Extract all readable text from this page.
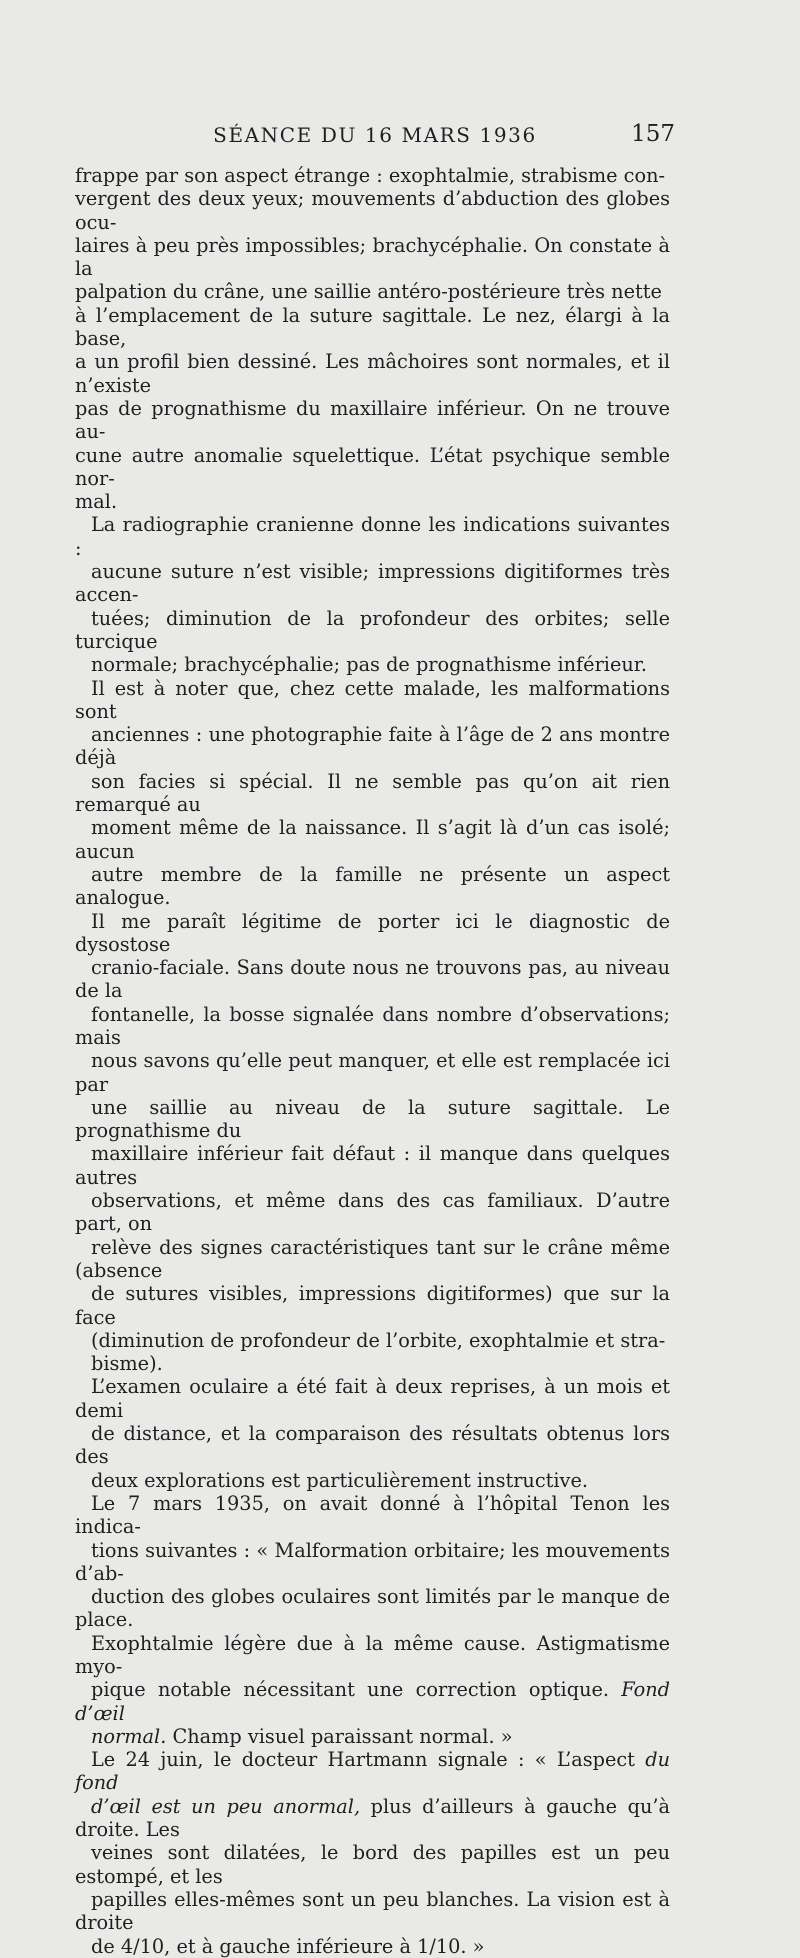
SÉANCE DU 16 MARS 1936	157

frappe par son aspect étrange : exophtalmie, strabisme con-
vergent des deux yeux; mouvements d’abduction des globes ocu-
laires à peu près impossibles; brachycéphalie. On constate à la
palpation du crâne, une saillie antéro-postérieure très nette
à l’emplacement de la suture sagittale. Le nez, élargi à la base,
a un profil bien dessiné. Les mâchoires sont normales, et il n’existe
pas de prognathisme du maxillaire inférieur. On ne trouve au-
cune autre anomalie squelettique. L’état psychique semble nor-
mal.

La radiographie cranienne donne les indications suivantes :
aucune suture n’est visible; impressions digitiformes très accen-
tuées; diminution de la profondeur des orbites; selle turcique
normale; brachycéphalie; pas de prognathisme inférieur.

Il est à noter que, chez cette malade, les malformations sont
anciennes : une photographie faite à l’âge de 2 ans montre déjà
son facies si spécial. Il ne semble pas qu’on ait rien remarqué au
moment même de la naissance. Il s’agit là d’un cas isolé; aucun
autre membre de la famille ne présente un aspect analogue.

Il me paraît légitime de porter ici le diagnostic de dysostose
cranio-faciale. Sans doute nous ne trouvons pas, au niveau de la
fontanelle, la bosse signalée dans nombre d’observations; mais
nous savons qu’elle peut manquer, et elle est remplacée ici par
une saillie au niveau de la suture sagittale. Le prognathisme du
maxillaire inférieur fait défaut : il manque dans quelques autres
observations, et même dans des cas familiaux. D’autre part, on
relève des signes caractéristiques tant sur le crâne même (absence
de sutures visibles, impressions digitiformes) que sur la face
(diminution de profondeur de l’orbite, exophtalmie et stra-
bisme).

L’examen oculaire a été fait à deux reprises, à un mois et demi
de distance, et la comparaison des résultats obtenus lors des
deux explorations est particulièrement instructive.

Le 7 mars 1935, on avait donné à l’hôpital Tenon les indica-
tions suivantes : « Malformation orbitaire; les mouvements d’ab-
duction des globes oculaires sont limités par le manque de place.
Exophtalmie légère due à la même cause. Astigmatisme myo-
pique notable nécessitant une correction optique. Fond d’œil
normal. Champ visuel paraissant normal. »

Le 24 juin, le docteur Hartmann signale : « L’aspect du fond
d’œil est un peu anormal, plus d’ailleurs à gauche qu’à droite. Les
veines sont dilatées, le bord des papilles est un peu estompé, et les
papilles elles-mêmes sont un peu blanches. La vision est à droite
de 4/10, et à gauche inférieure à 1/10. »
